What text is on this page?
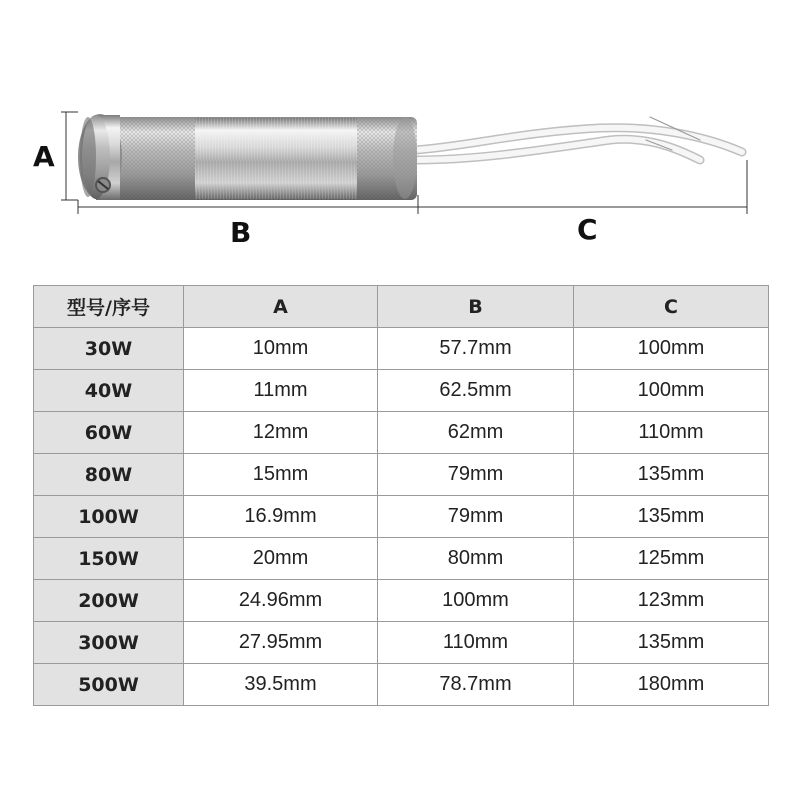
A
B	C
型号/序号	A	B	C
30W	10mm	57.7mm	100mm
40W	11mm	62.5mm	100mm
60W	12mm	62mm	110mm
80W	15mm	79mm	135mm
100W	16.9mm	79mm	135mm
150W	20mm	80mm	125mm
200W	24.96mm	100mm	123mm
300W	27.95mm	110mm	135mm
500W	39.5mm	78.7mm	180mm
